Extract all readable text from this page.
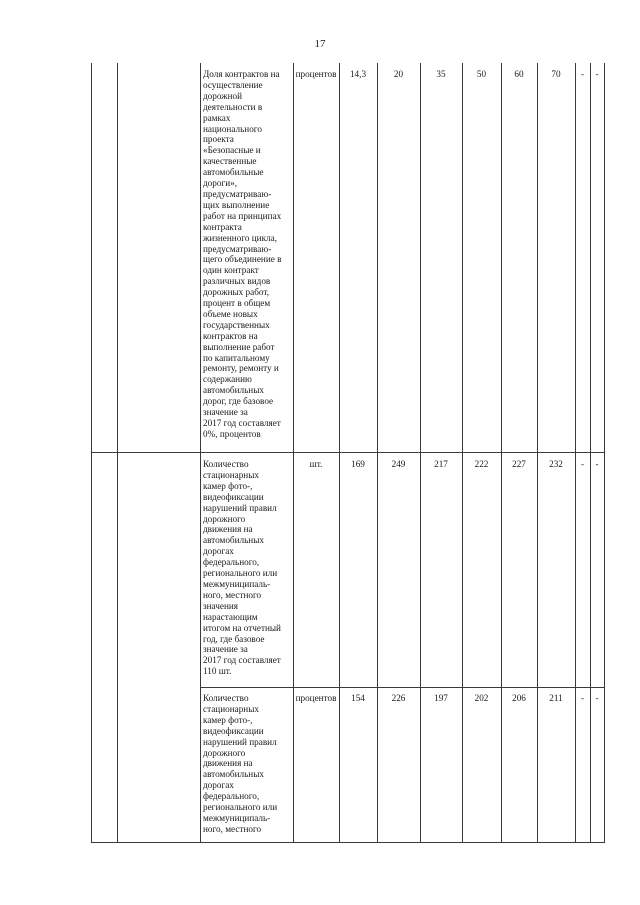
17
Доля контрактов на
осуществление
дорожной
деятельности в
рамках
национального
проекта
«Безопасные и
качественные
автомобильные
дороги»,
предусматриваю-
щих выполнение
работ на принципах
контракта
жизненного цикла,
предусматриваю-
щего объединение в
один контракт
различных видов
дорожных работ,
процент в общем
объеме новых
государственных
контрактов на
выполнение работ
по капитальному
ремонту, ремонту и
содержанию
автомобильных
дорог, где базовое
значение за
2017 год составляет
0%, процентов
процентов	14,3	20	35	50	60	70	-	-
Количество
стационарных
камер фото-,
видеофиксации
нарушений правил
дорожного
движения на
автомобильных
дорогах
федерального,
регионального или
межмуниципаль-
ного, местного
значения
нарастающим
итогом на отчетный
год, где базовое
значение за
2017 год составляет
110 шт.
шт.	169	249	217	222	227	232	-	-
Количество
стационарных
камер фото-,
видеофиксации
нарушений правил
дорожного
движения на
автомобильных
дорогах
федерального,
регионального или
межмуниципаль-
ного, местного
процентов	154	226	197	202	206	211	-	-
